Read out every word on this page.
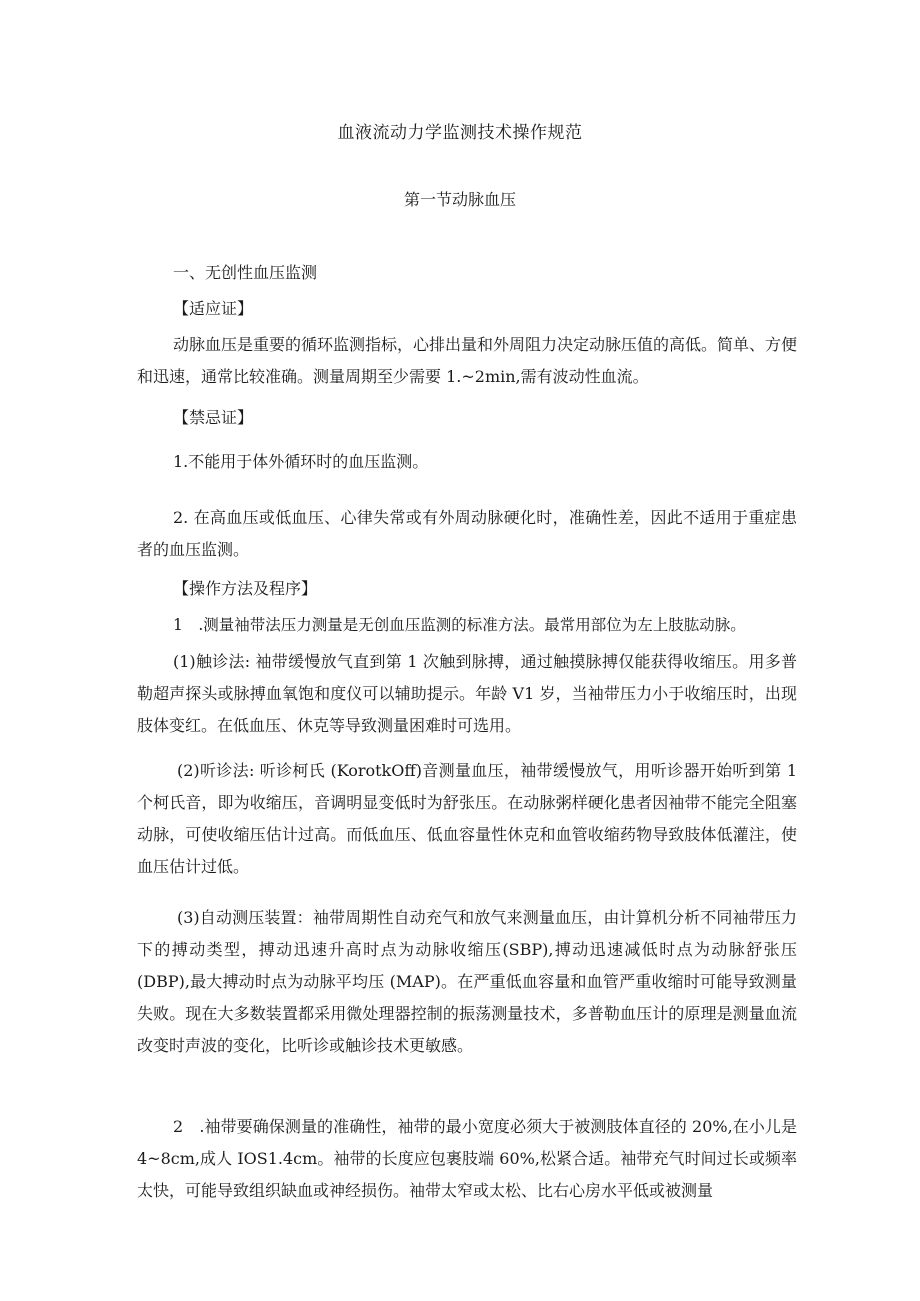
血液流动力学监测技术操作规范
第一节动脉血压
一、无创性血压监测
【适应证】
动脉血压是重要的循环监测指标，心排出量和外周阻力决定动脉压值的高低。简单、方便和迅速，通常比较准确。测量周期至少需要 1.~2min,需有波动性血流。
【禁忌证】
1.不能用于体外循环时的血压监测。
2. 在高血压或低血压、心律失常或有外周动脉硬化时，准确性差，因此不适用于重症患者的血压监测。
【操作方法及程序】
1　.测量袖带法压力测量是无创血压监测的标准方法。最常用部位为左上肢肱动脉。
(1)触诊法: 袖带缓慢放气直到第 1 次触到脉搏，通过触摸脉搏仅能获得收缩压。用多普勒超声探头或脉搏血氧饱和度仪可以辅助提示。年龄 V1 岁，当袖带压力小于收缩压时，出现肢体变红。在低血压、休克等导致测量困难时可选用。
(2)听诊法: 听诊柯氏 (KorotkOff)音测量血压，袖带缓慢放气，用听诊器开始听到第 1 个柯氏音，即为收缩压，音调明显变低时为舒张压。在动脉粥样硬化患者因袖带不能完全阻塞动脉，可使收缩压估计过高。而低血压、低血容量性休克和血管收缩药物导致肢体低灌注，使血压估计过低。
(3)自动测压装置：袖带周期性自动充气和放气来测量血压，由计算机分析不同袖带压力下的搏动类型，搏动迅速升高时点为动脉收缩压(SBP),搏动迅速减低时点为动脉舒张压(DBP),最大搏动时点为动脉平均压 (MAP)。在严重低血容量和血管严重收缩时可能导致测量失败。现在大多数装置都采用微处理器控制的振荡测量技术，多普勒血压计的原理是测量血流改变时声波的变化，比听诊或触诊技术更敏感。
2　.袖带要确保测量的准确性，袖带的最小宽度必须大于被测肢体直径的 20%,在小儿是 4~8cm,成人 IOS1.4cm。袖带的长度应包裹肢端 60%,松紧合适。袖带充气时间过长或频率太快，可能导致组织缺血或神经损伤。袖带太窄或太松、比右心房水平低或被测量
